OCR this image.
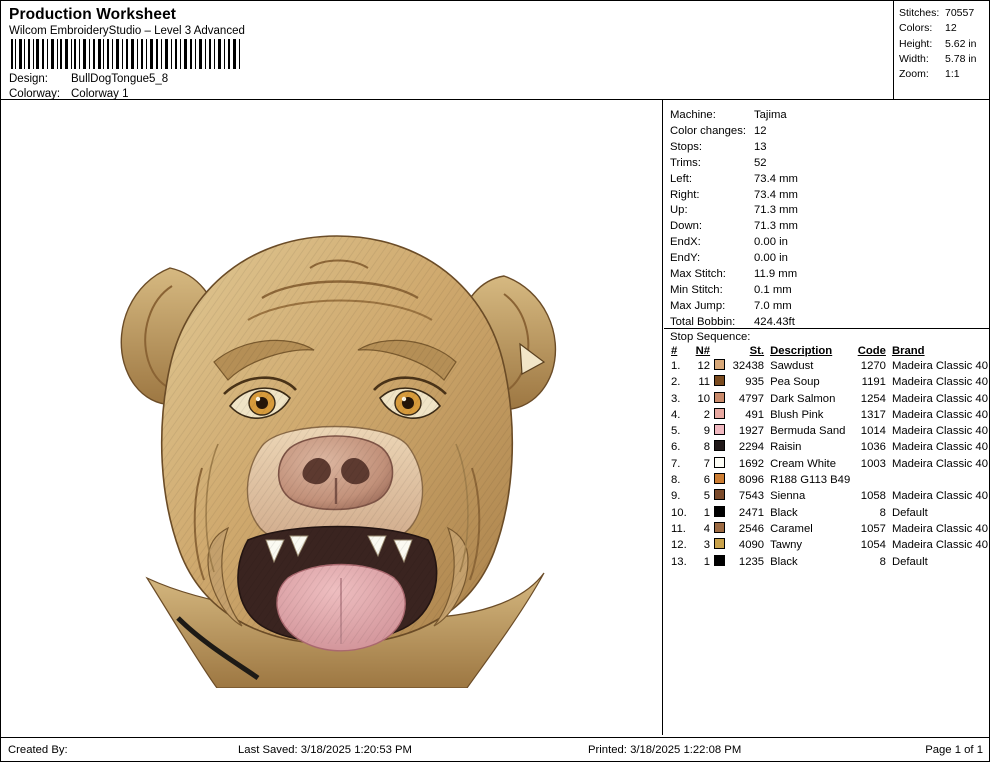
Production Worksheet
Wilcom EmbroideryStudio – Level 3 Advanced
Design:	BullDogTongue5_8
Colorway: Colorway 1
Stitches: 70557
Colors:	12
Height:	5.62 in
Width:	5.78 in
Zoom:	1:1
Machine:	Tajima
Color changes: 12
Stops:	13
Trims:	52
Left:	73.4 mm
Right:	73.4 mm
Up:	71.3 mm
Down:	71.3 mm
EndX:	0.00 in
EndY:	0.00 in
Max Stitch:	11.9 mm
Min Stitch:	0.1 mm
Max Jump:	7.0 mm
Total Bobbin:	424.43ft
Stop Sequence:
#	N#		St.	Description	Code	Brand
1.	12		32438	Sawdust	1270	Madeira Classic 40
2.	11		935	Pea Soup	1191	Madeira Classic 40
3.	10		4797	Dark Salmon	1254	Madeira Classic 40
4.	2		491	Blush Pink	1317	Madeira Classic 40
5.	9		1927	Bermuda Sand	1014	Madeira Classic 40
6.	8		2294	Raisin	1036	Madeira Classic 40
7.	7		1692	Cream White	1003	Madeira Classic 40
8.	6		8096	R188 G113 B49		
9.	5		7543	Sienna	1058	Madeira Classic 40
10.	1		2471	Black	8	Default
11.	4		2546	Caramel	1057	Madeira Classic 40
12.	3		4090	Tawny	1054	Madeira Classic 40
13.	1		1235	Black	8	Default
Created By:	Last Saved: 3/18/2025 1:20:53 PM	Printed: 3/18/2025 1:22:08 PM	Page 1 of 1
